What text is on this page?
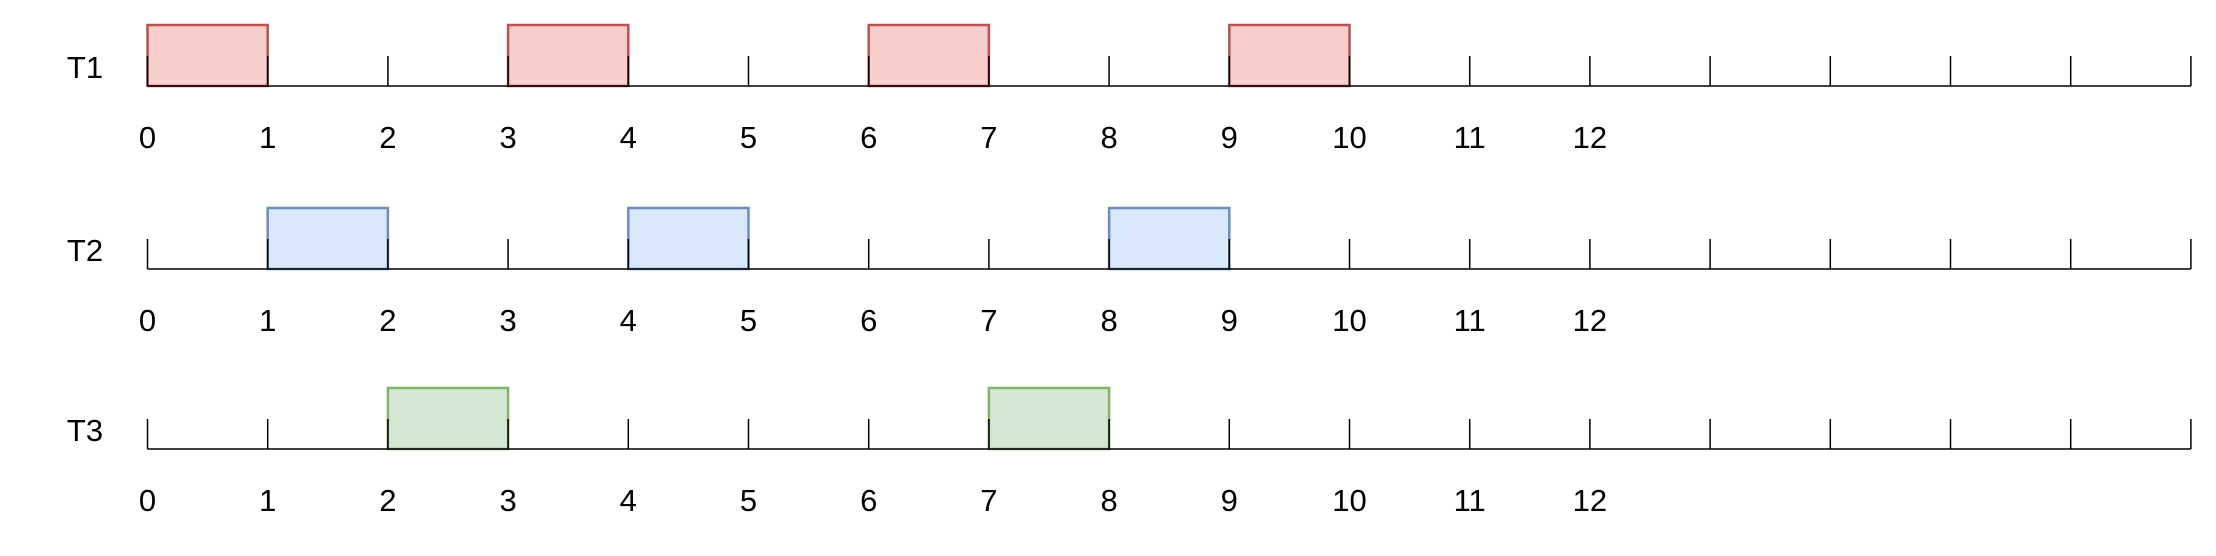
0	1	2	3	4	5	6	7	8	9	10	11	12
T1
0	1	2	3	4	5	6	7	8	9	10	11	12
T2
0	1	2	3	4	5	6	7	8	9	10	11	12
T3
